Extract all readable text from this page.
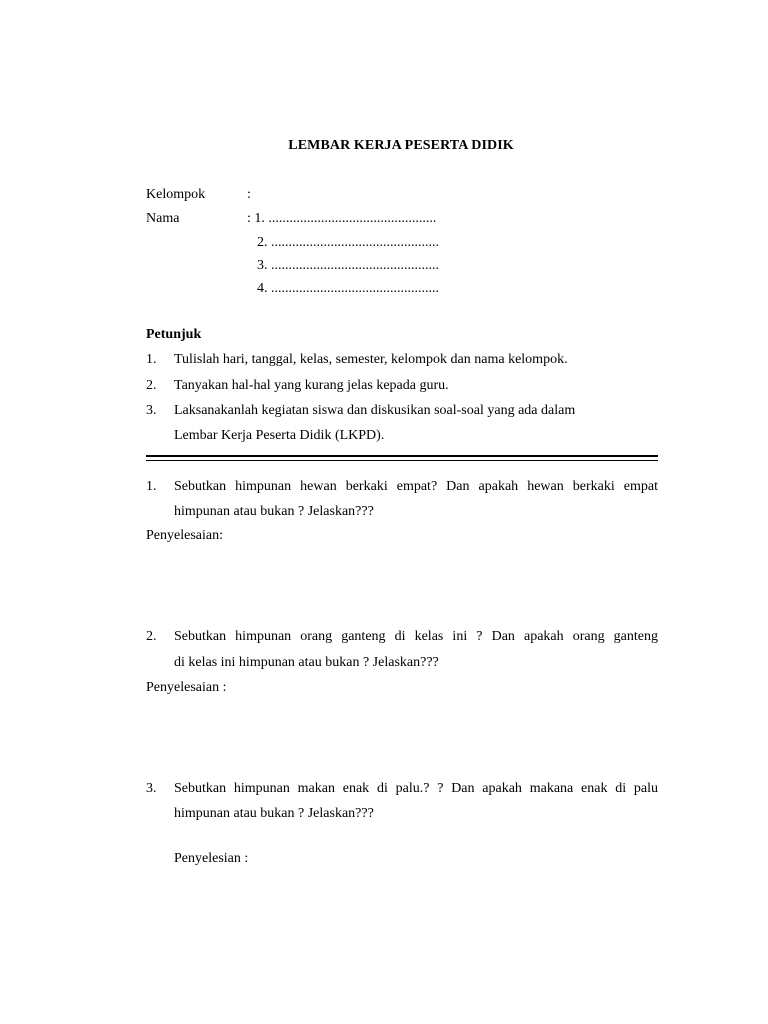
LEMBAR KERJA PESERTA DIDIK
Kelompok	:
Nama	: 1. ................................................
2. ................................................
3. ................................................
4. ................................................
Petunjuk
1. Tulislah hari, tanggal, kelas, semester, kelompok dan nama kelompok.
2. Tanyakan hal-hal yang kurang jelas kepada guru.
3. Laksanakanlah kegiatan siswa dan diskusikan soal-soal yang ada dalam
Lembar Kerja Peserta Didik (LKPD).
1. Sebutkan himpunan hewan berkaki empat? Dan apakah hewan berkaki empat
himpunan atau bukan ? Jelaskan???
Penyelesaian:
2. Sebutkan himpunan orang ganteng di kelas ini ? Dan apakah orang ganteng
di kelas ini himpunan atau bukan ? Jelaskan???
Penyelesaian :
3. Sebutkan himpunan makan enak di palu.? ? Dan apakah makana enak di palu
himpunan atau bukan ? Jelaskan???
Penyelesian :
